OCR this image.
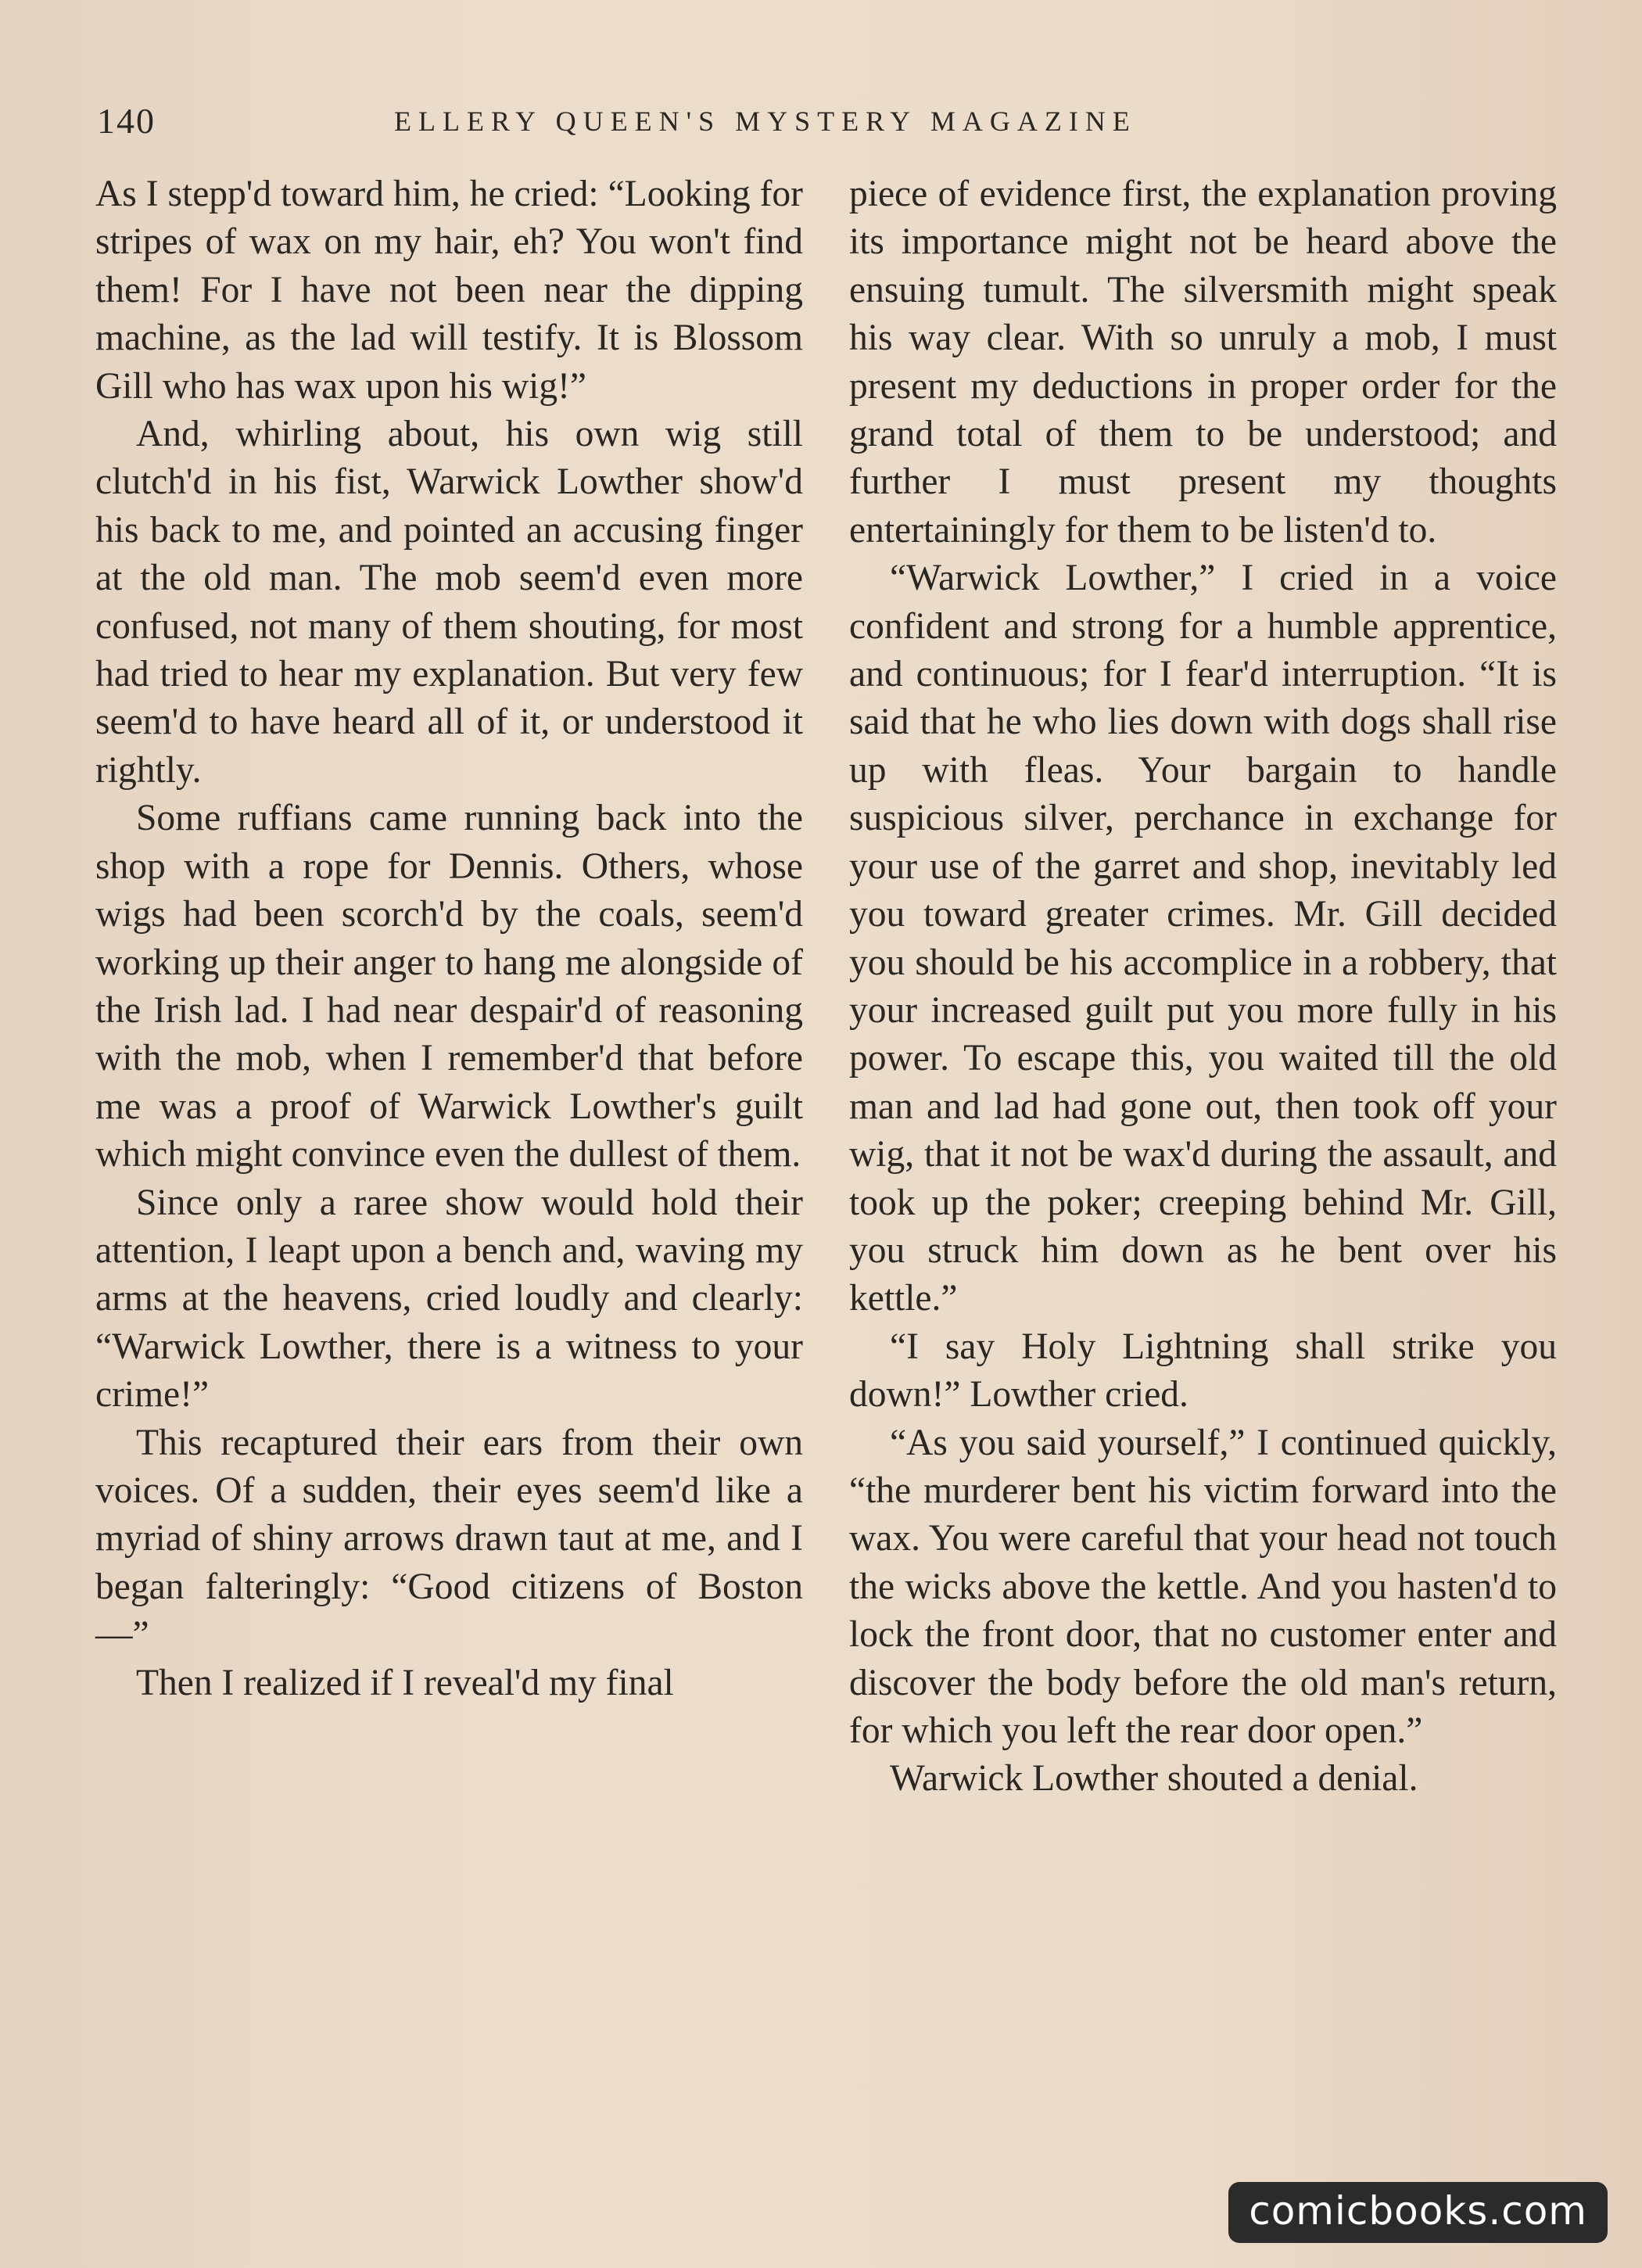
140	ELLERY QUEEN'S MYSTERY MAGAZINE

As I stepp'd toward him, he cried: “Looking for stripes of wax on my hair, eh? You won't find them! For I have not been near the dipping machine, as the lad will testify. It is Blossom Gill who has wax upon his wig!”

And, whirling about, his own wig still clutch'd in his fist, Warwick Lowther show'd his back to me, and pointed an accusing finger at the old man. The mob seem'd even more confused, not many of them shouting, for most had tried to hear my explanation. But very few seem'd to have heard all of it, or understood it rightly.

Some ruffians came running back into the shop with a rope for Dennis. Others, whose wigs had been scorch'd by the coals, seem'd working up their anger to hang me alongside of the Irish lad. I had near despair'd of reasoning with the mob, when I remember'd that before me was a proof of Warwick Lowther's guilt which might convince even the dullest of them.

Since only a raree show would hold their attention, I leapt upon a bench and, waving my arms at the heavens, cried loudly and clearly: “Warwick Lowther, there is a witness to your crime!”

This recaptured their ears from their own voices. Of a sudden, their eyes seem'd like a myriad of shiny arrows drawn taut at me, and I began falteringly: “Good citizens of Boston —”

Then I realized if I reveal'd my final

piece of evidence first, the explanation proving its importance might not be heard above the ensuing tumult. The silversmith might speak his way clear. With so unruly a mob, I must present my deductions in proper order for the grand total of them to be understood; and further I must present my thoughts entertainingly for them to be listen'd to.

“Warwick Lowther,” I cried in a voice confident and strong for a humble apprentice, and continuous; for I fear'd interruption. “It is said that he who lies down with dogs shall rise up with fleas. Your bargain to handle suspicious silver, perchance in exchange for your use of the garret and shop, inevitably led you toward greater crimes. Mr. Gill decided you should be his accomplice in a robbery, that your increased guilt put you more fully in his power. To escape this, you waited till the old man and lad had gone out, then took off your wig, that it not be wax'd during the assault, and took up the poker; creeping behind Mr. Gill, you struck him down as he bent over his kettle.”

“I say Holy Lightning shall strike you down!” Lowther cried.

“As you said yourself,” I continued quickly, “the murderer bent his victim forward into the wax. You were careful that your head not touch the wicks above the kettle. And you hasten'd to lock the front door, that no customer enter and discover the body before the old man's return, for which you left the rear door open.”

Warwick Lowther shouted a denial.

comicbooks.com
